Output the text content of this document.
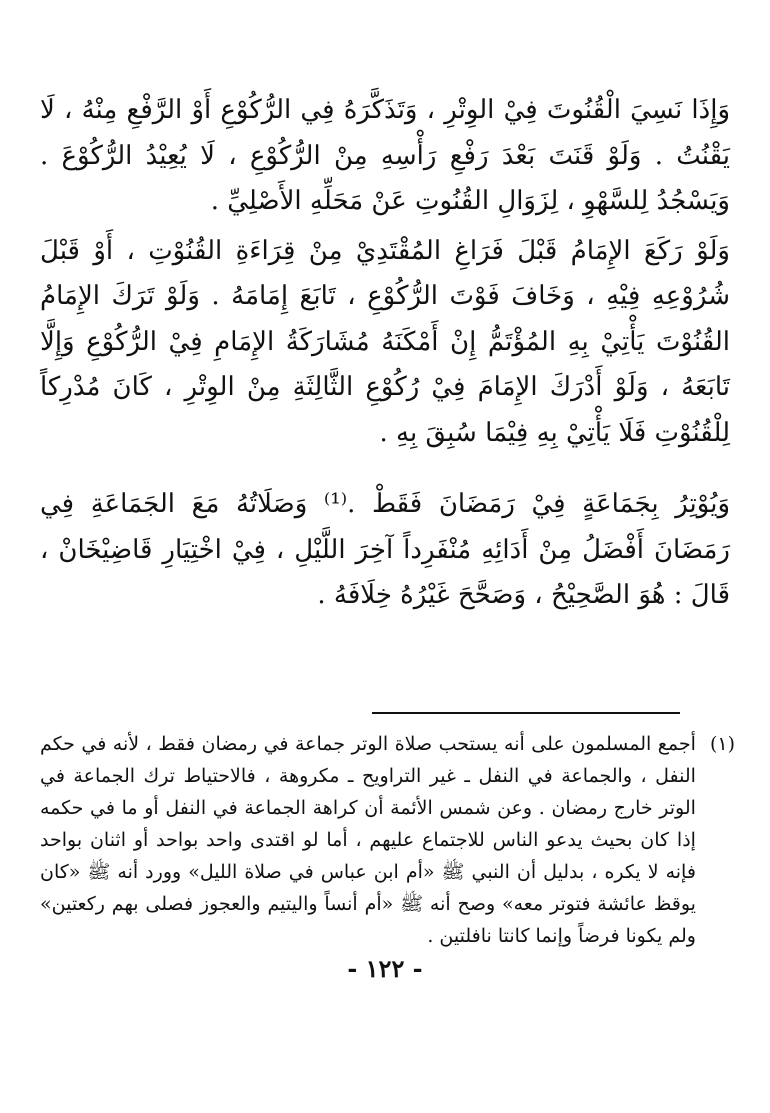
وَإِذَا نَسِيَ الْقُنُوتَ فِيْ الوِتْرِ ، وَتَذَكَّرَهُ فِي الرُّكُوْعِ أَوْ الرَّفْعِ مِنْهُ ، لَا يَقْنُتُ . وَلَوْ قَنَتَ بَعْدَ رَفْعِ رَأْسِهِ مِنْ الرُّكُوْعِ ، لَا يُعِيْدُ الرُّكُوْعَ . وَيَسْجُدُ لِلسَّهْوِ ، لِزَوَالِ القُنُوتِ عَنْ مَحَلِّهِ الأَصْلِيِّ .

وَلَوْ رَكَعَ الإِمَامُ قَبْلَ فَرَاغِ المُقْتَدِيْ مِنْ قِرَاءَةِ القُنُوْتِ ، أَوْ قَبْلَ شُرُوْعِهِ فِيْهِ ، وَخَافَ فَوْتَ الرُّكُوْعِ ، تَابَعَ إِمَامَهُ . وَلَوْ تَرَكَ الإِمَامُ القُنُوْتَ يَأْتِيْ بِهِ المُؤْتَمُّ إِنْ أَمْكَنَهُ مُشَارَكَةُ الإِمَامِ فِيْ الرُّكُوْعِ وَإِلَّا تَابَعَهُ ، وَلَوْ أَدْرَكَ الإِمَامَ فِيْ رُكُوْعِ الثَّالِثَةِ مِنْ الوِتْرِ ، كَانَ مُدْرِكاً لِلْقُنُوْتِ فَلَا يَأْتِيْ بِهِ فِيْمَا سُبِقَ بِهِ .

وَيُوْتِرُ بِجَمَاعَةٍ فِيْ رَمَضَانَ فَقَطْ .⁽¹⁾ وَصَلَاتُهُ مَعَ الجَمَاعَةِ فِي رَمَضَانَ أَفْضَلُ مِنْ أَدَائِهِ مُنْفَرِداً آخِرَ اللَّيْلِ ، فِيْ اخْتِيَارِ قَاضِيْخَانْ ، قَالَ : هُوَ الصَّحِيْحُ ، وَصَحَّحَ غَيْرُهُ خِلَافَهُ .

(١)

أجمع المسلمون على أنه يستحب صلاة الوتر جماعة في رمضان فقط ، لأنه في حكم النفل ، والجماعة في النفل ـ غير التراويح ـ مكروهة ، فالاحتياط ترك الجماعة في الوتر خارج رمضان . وعن شمس الأئمة أن كراهة الجماعة في النفل أو ما في حكمه إذا كان بحيث يدعو الناس للاجتماع عليهم ، أما لو اقتدى واحد بواحد أو اثنان بواحد فإنه لا يكره ، بدليل أن النبي ﷺ «أم ابن عباس في صلاة الليل» وورد أنه ﷺ «كان يوقظ عائشة فتوتر معه» وصح أنه ﷺ «أم أنساً واليتيم والعجوز فصلى بهم ركعتين» ولم يكونا فرضاً وإنما كانتا نافلتين .

- ١٢٢ -
